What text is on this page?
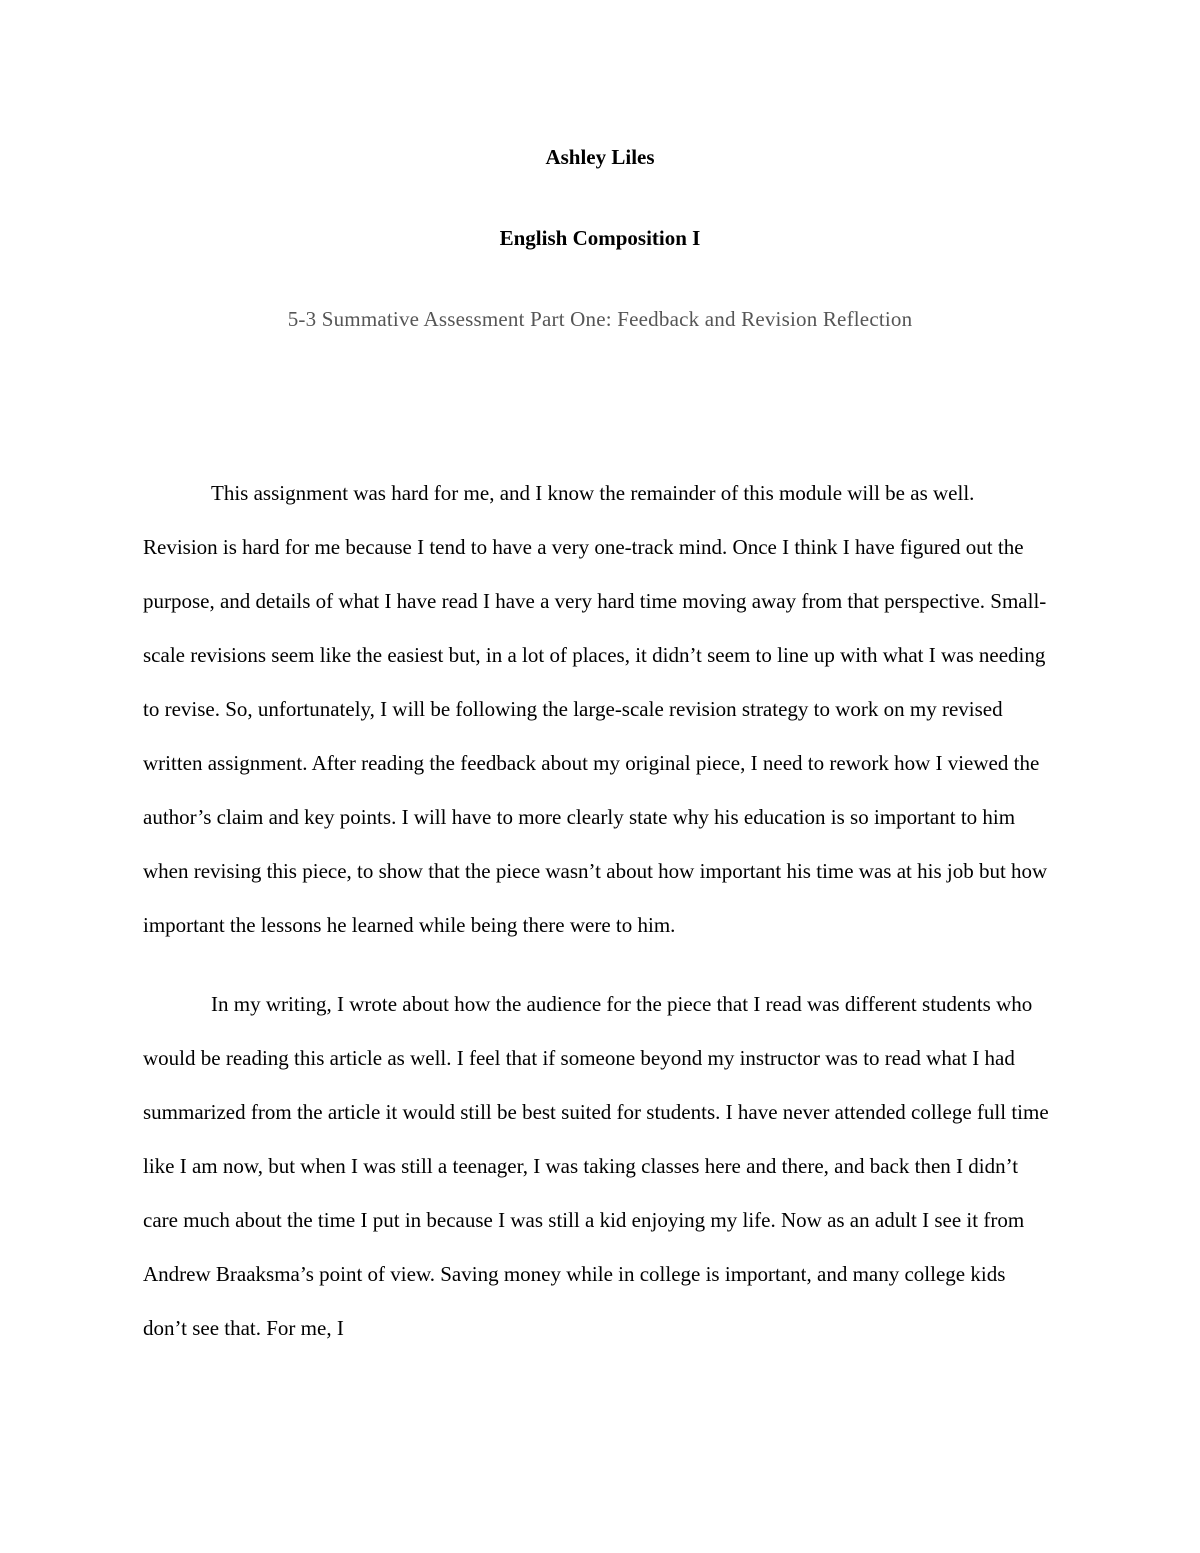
Ashley Liles

English Composition I

5-3 Summative Assessment Part One: Feedback and Revision Reflection

This assignment was hard for me, and I know the remainder of this module will be as well. Revision is hard for me because I tend to have a very one-track mind. Once I think I have figured out the purpose, and details of what I have read I have a very hard time moving away from that perspective. Small-scale revisions seem like the easiest but, in a lot of places, it didn’t seem to line up with what I was needing to revise. So, unfortunately, I will be following the large-scale revision strategy to work on my revised written assignment. After reading the feedback about my original piece, I need to rework how I viewed the author’s claim and key points. I will have to more clearly state why his education is so important to him when revising this piece, to show that the piece wasn’t about how important his time was at his job but how important the lessons he learned while being there were to him.

In my writing, I wrote about how the audience for the piece that I read was different students who would be reading this article as well. I feel that if someone beyond my instructor was to read what I had summarized from the article it would still be best suited for students. I have never attended college full time like I am now, but when I was still a teenager, I was taking classes here and there, and back then I didn’t care much about the time I put in because I was still a kid enjoying my life. Now as an adult I see it from Andrew Braaksma’s point of view. Saving money while in college is important, and many college kids don’t see that. For me, I
